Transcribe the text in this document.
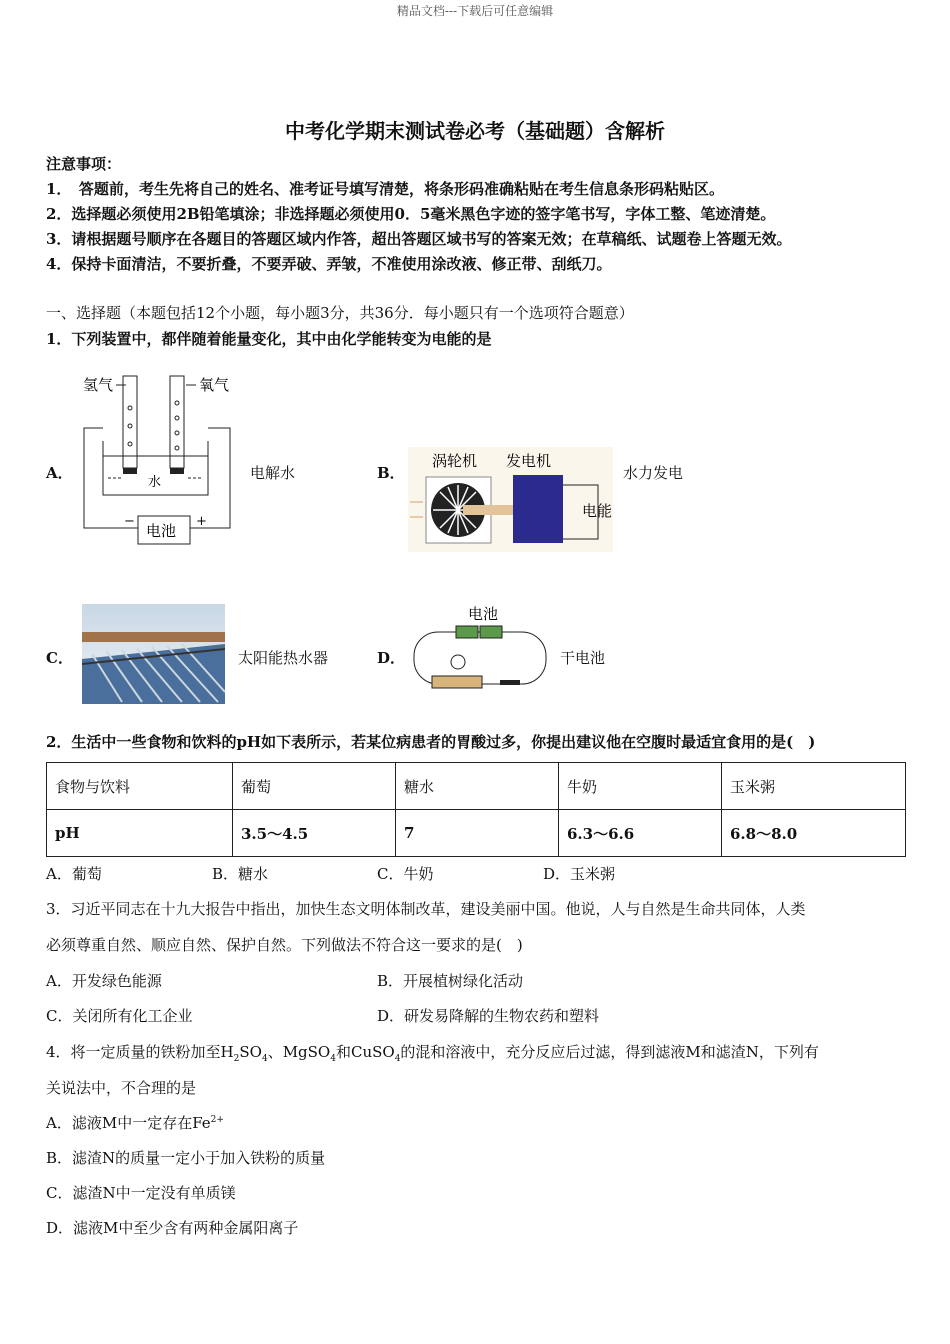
精品文档---下载后可任意编辑
中考化学期末测试卷必考（基础题）含解析
注意事项：
1．　答题前，考生先将自己的姓名、准考证号填写清楚，将条形码准确粘贴在考生信息条形码粘贴区。
2．选择题必须使用2B铅笔填涂；非选择题必须使用0．5毫米黑色字迹的签字笔书写，字体工整、笔迹清楚。
3．请根据题号顺序在各题目的答题区域内作答，超出答题区域书写的答案无效；在草稿纸、试题卷上答题无效。
4．保持卡面清洁，不要折叠，不要弄破、弄皱，不准使用涂改液、修正带、刮纸刀。
一、选择题（本题包括12个小题，每小题3分，共36分．每小题只有一个选项符合题意）
1．下列装置中，都伴随着能量变化，其中由化学能转变为电能的是
氢气	氧气
水
电池
−	+
A．	电解水	B．
涡轮机 发电机
电能
水力发电
C．	太阳能热水器	D．
电池
干电池
2．生活中一些食物和饮料的pH如下表所示，若某位病患者的胃酸过多，你提出建议他在空腹时最适宜食用的是(　)
食物与饮料	葡萄	糖水	牛奶	玉米粥
pH	3.5～4.5	7	6.3～6.6	6.8～8.0
A．葡萄	B．糖水	C．牛奶	D．玉米粥
3．习近平同志在十九大报告中指出，加快生态文明体制改革，建设美丽中国。他说，人与自然是生命共同体，人类
必须尊重自然、顺应自然、保护自然。下列做法不符合这一要求的是(　)
A．开发绿色能源	B．开展植树绿化活动
C．关闭所有化工企业	D．研发易降解的生物农药和塑料
4．将一定质量的铁粉加至$H_2SO_4$、MgSO$_4$和CuSO$_4$的混和溶液中，充分反应后过滤，得到滤液M和滤渣N，下列有
关说法中，不合理的是
A．滤液M中一定存在$Fe^{2+}$
B．滤渣N的质量一定小于加入铁粉的质量
C．滤渣N中一定没有单质镁
D．滤液M中至少含有两种金属阳离子
